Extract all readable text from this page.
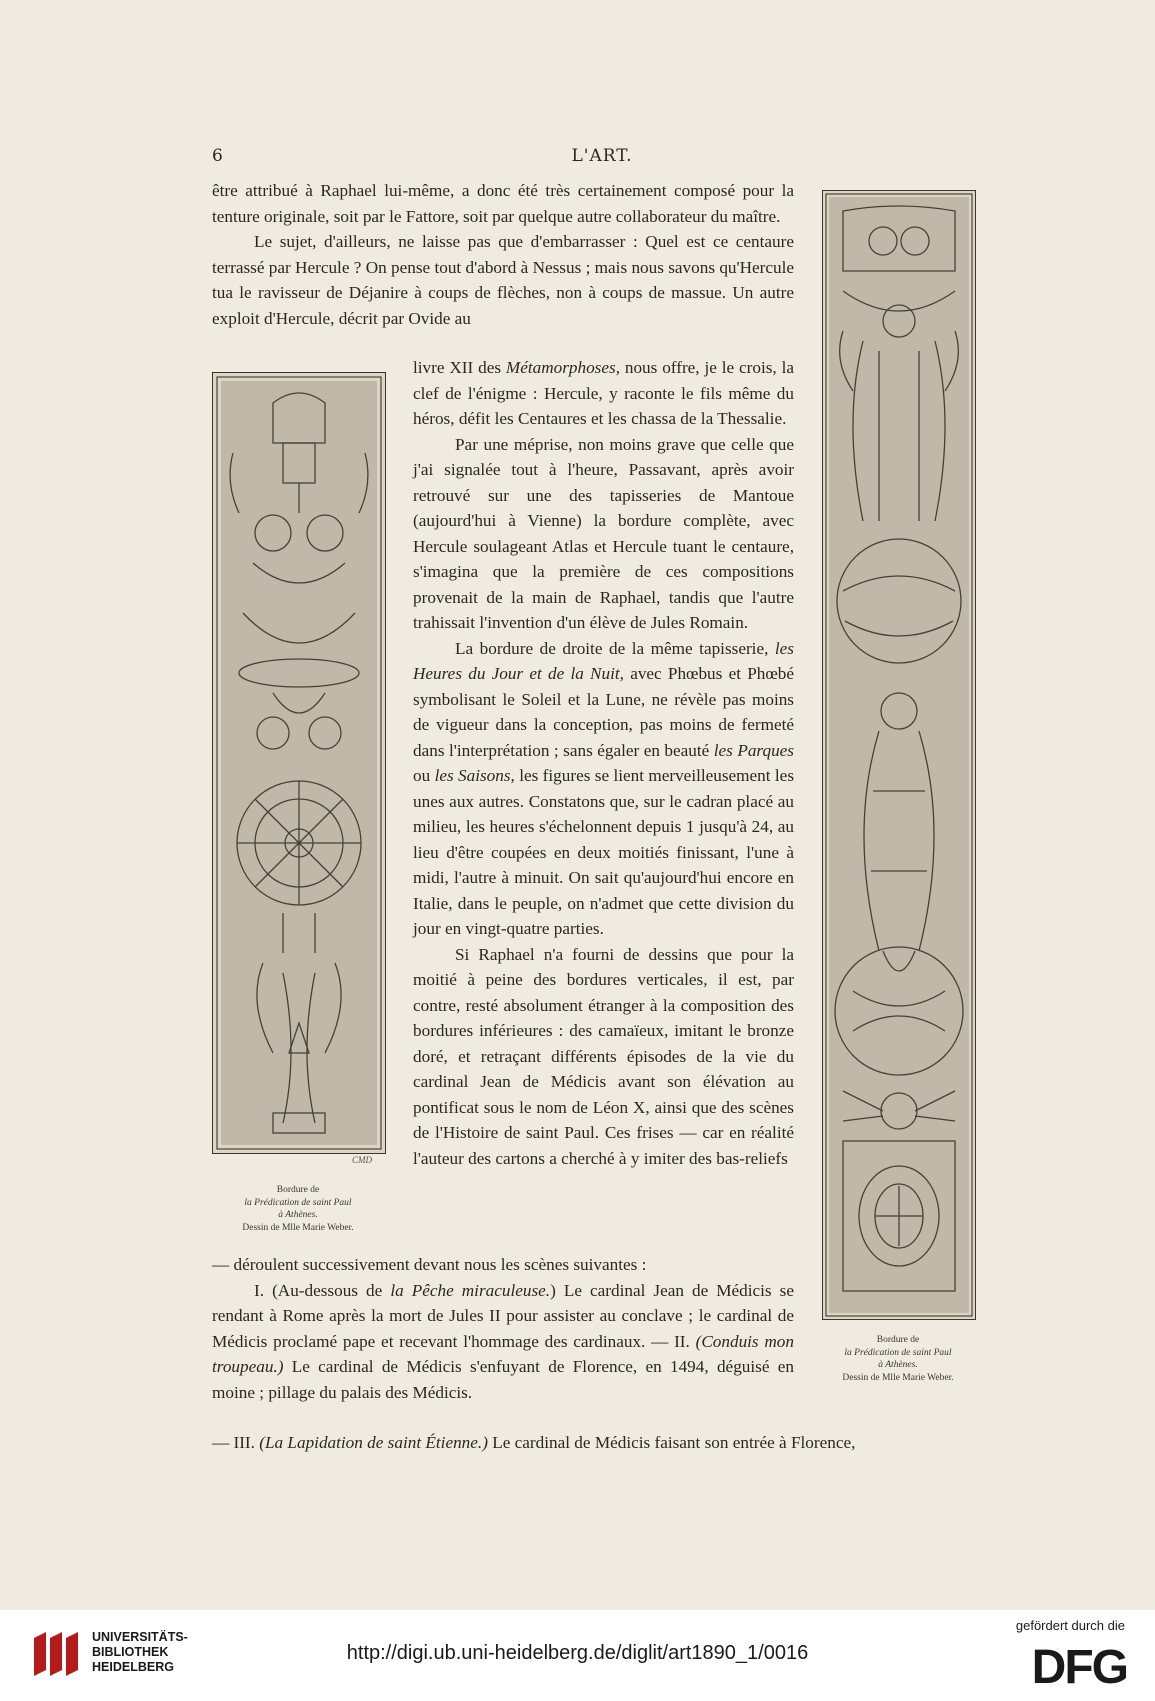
6	L'ART.

être attribué à Raphael lui-même, a donc été très certainement composé pour la tenture originale, soit par le Fattore, soit par quelque autre collaborateur du maître.

Le sujet, d'ailleurs, ne laisse pas que d'embarrasser : Quel est ce centaure terrassé par Hercule ? On pense tout d'abord à Nessus ; mais nous savons qu'Hercule tua le ravisseur de Déjanire à coups de flèches, non à coups de massue. Un autre exploit d'Hercule, décrit par Ovide au

CMD
Bordure de
la Prédication de saint Paul
à Athènes.
Dessin de Mlle Marie Weber.

livre XII des Métamorphoses, nous offre, je le crois, la clef de l'énigme : Hercule, y raconte le fils même du héros, défit les Centaures et les chassa de la Thessalie.

Par une méprise, non moins grave que celle que j'ai signalée tout à l'heure, Passavant, après avoir retrouvé sur une des tapisseries de Mantoue (aujourd'hui à Vienne) la bordure complète, avec Hercule soulageant Atlas et Hercule tuant le centaure, s'imagina que la première de ces compositions provenait de la main de Raphael, tandis que l'autre trahissait l'invention d'un élève de Jules Romain.

La bordure de droite de la même tapisserie, les Heures du Jour et de la Nuit, avec Phœbus et Phœbé symbolisant le Soleil et la Lune, ne révèle pas moins de vigueur dans la conception, pas moins de fermeté dans l'interprétation ; sans égaler en beauté les Parques ou les Saisons, les figures se lient merveilleusement les unes aux autres. Constatons que, sur le cadran placé au milieu, les heures s'échelonnent depuis 1 jusqu'à 24, au lieu d'être coupées en deux moitiés finissant, l'une à midi, l'autre à minuit. On sait qu'aujourd'hui encore en Italie, dans le peuple, on n'admet que cette division du jour en vingt-quatre parties.

Si Raphael n'a fourni de dessins que pour la moitié à peine des bordures verticales, il est, par contre, resté absolument étranger à la composition des bordures inférieures : des camaïeux, imitant le bronze doré, et retraçant différents épisodes de la vie du cardinal Jean de Médicis avant son élévation au pontificat sous le nom de Léon X, ainsi que des scènes de l'Histoire de saint Paul. Ces frises — car en réalité l'auteur des cartons a cherché à y imiter des bas-reliefs

— déroulent successivement devant nous les scènes suivantes :

I. (Au-dessous de la Pêche miraculeuse.) Le cardinal Jean de Médicis se rendant à Rome après la mort de Jules II pour assister au conclave ; le cardinal de Médicis proclamé pape et recevant l'hommage des cardinaux. — II. (Conduis mon troupeau.) Le cardinal de Médicis s'enfuyant de Florence, en 1494, déguisé en moine ; pillage du palais des Médicis.

— III. (La Lapidation de saint Étienne.) Le cardinal de Médicis faisant son entrée à Florence,

Bordure de
la Prédication de saint Paul
à Athènes.
Dessin de Mlle Marie Weber.
UNIVERSITÄTS-
BIBLIOTHEK
HEIDELBERG
http://digi.ub.uni-heidelberg.de/diglit/art1890_1/0016
gefördert durch die
DFG
